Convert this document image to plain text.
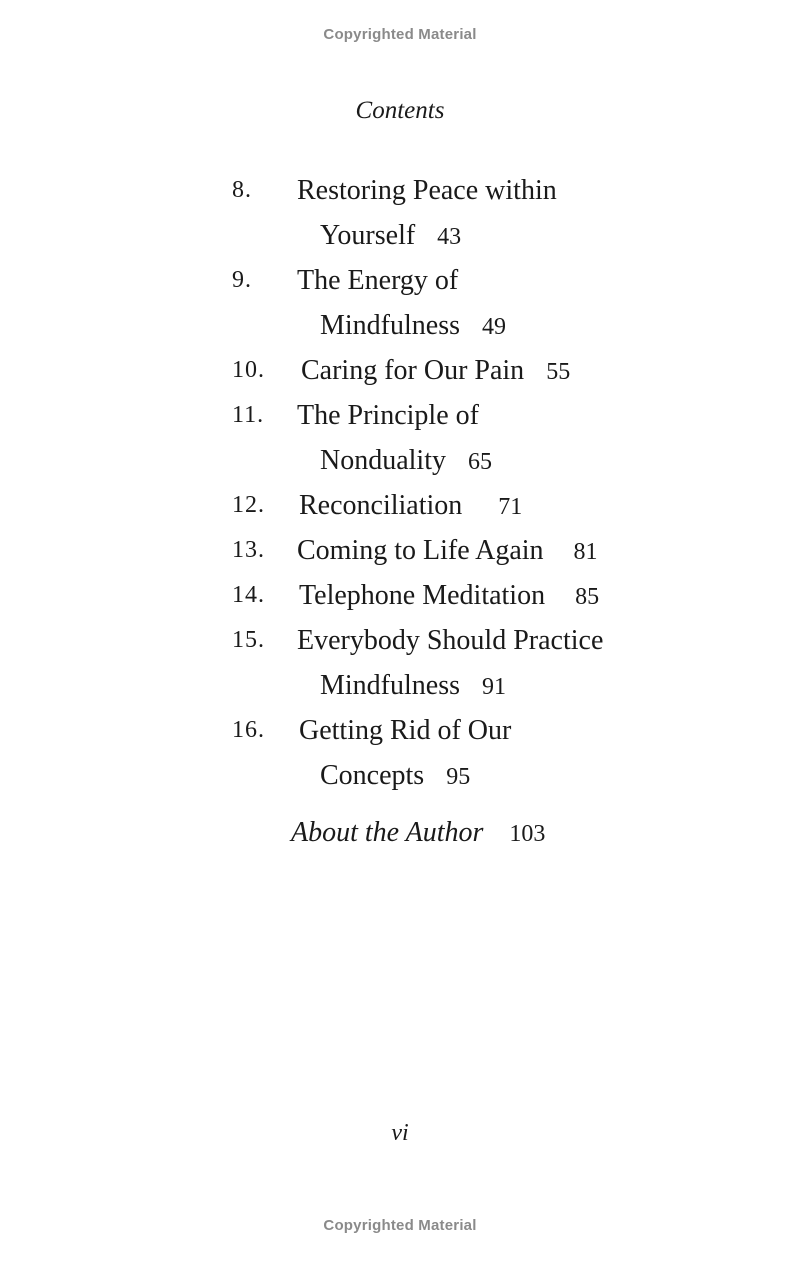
Copyrighted Material
Contents
8. Restoring Peace within
Yourself 43
9. The Energy of
Mindfulness 49
10. Caring for Our Pain 55
11. The Principle of
Nonduality 65
12. Reconciliation 71
13. Coming to Life Again 81
14. Telephone Meditation 85
15. Everybody Should Practice
Mindfulness 91
16. Getting Rid of Our
Concepts 95
About the Author 103
vi
Copyrighted Material
